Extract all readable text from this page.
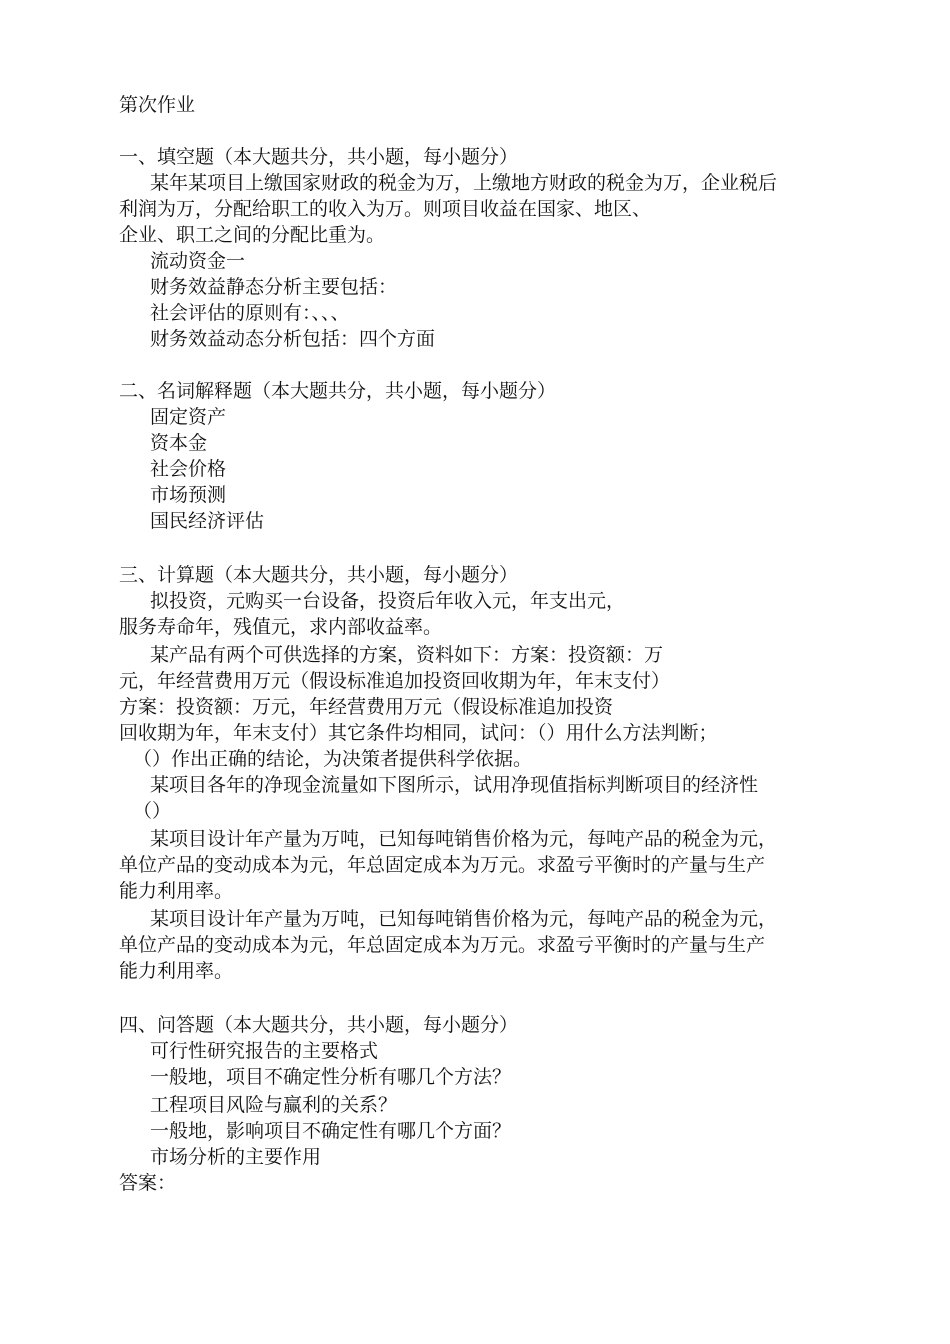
第次作业
一、填空题（本大题共分，共小题，每小题分）
某年某项目上缴国家财政的税金为万，上缴地方财政的税金为万，企业税后
利润为万，分配给职工的收入为万。则项目收益在国家、地区、
企业、职工之间的分配比重为。
流动资金一
财务效益静态分析主要包括：
社会评估的原则有：、、、
财务效益动态分析包括：四个方面
二、名词解释题（本大题共分，共小题，每小题分）
固定资产
资本金
社会价格
市场预测
国民经济评估
三、计算题（本大题共分，共小题，每小题分）
拟投资，元购买一台设备，投资后年收入元，年支出元，
服务寿命年，残值元，求内部收益率。
某产品有两个可供选择的方案，资料如下：方案：投资额：万
元，年经营费用万元（假设标准追加投资回收期为年，年末支付）
方案：投资额：万元，年经营费用万元（假设标准追加投资
回收期为年，年末支付）其它条件均相同，试问：（）用什么方法判断；
（）作出正确的结论，为决策者提供科学依据。
某项目各年的净现金流量如下图所示，试用净现值指标判断项目的经济性
（）
某项目设计年产量为万吨，已知每吨销售价格为元，每吨产品的税金为元，
单位产品的变动成本为元，年总固定成本为万元。求盈亏平衡时的产量与生产
能力利用率。
某项目设计年产量为万吨，已知每吨销售价格为元，每吨产品的税金为元，
单位产品的变动成本为元，年总固定成本为万元。求盈亏平衡时的产量与生产
能力利用率。
四、问答题（本大题共分，共小题，每小题分）
可行性研究报告的主要格式
一般地，项目不确定性分析有哪几个方法？
工程项目风险与赢利的关系？
一般地，影响项目不确定性有哪几个方面？
市场分析的主要作用
答案：
